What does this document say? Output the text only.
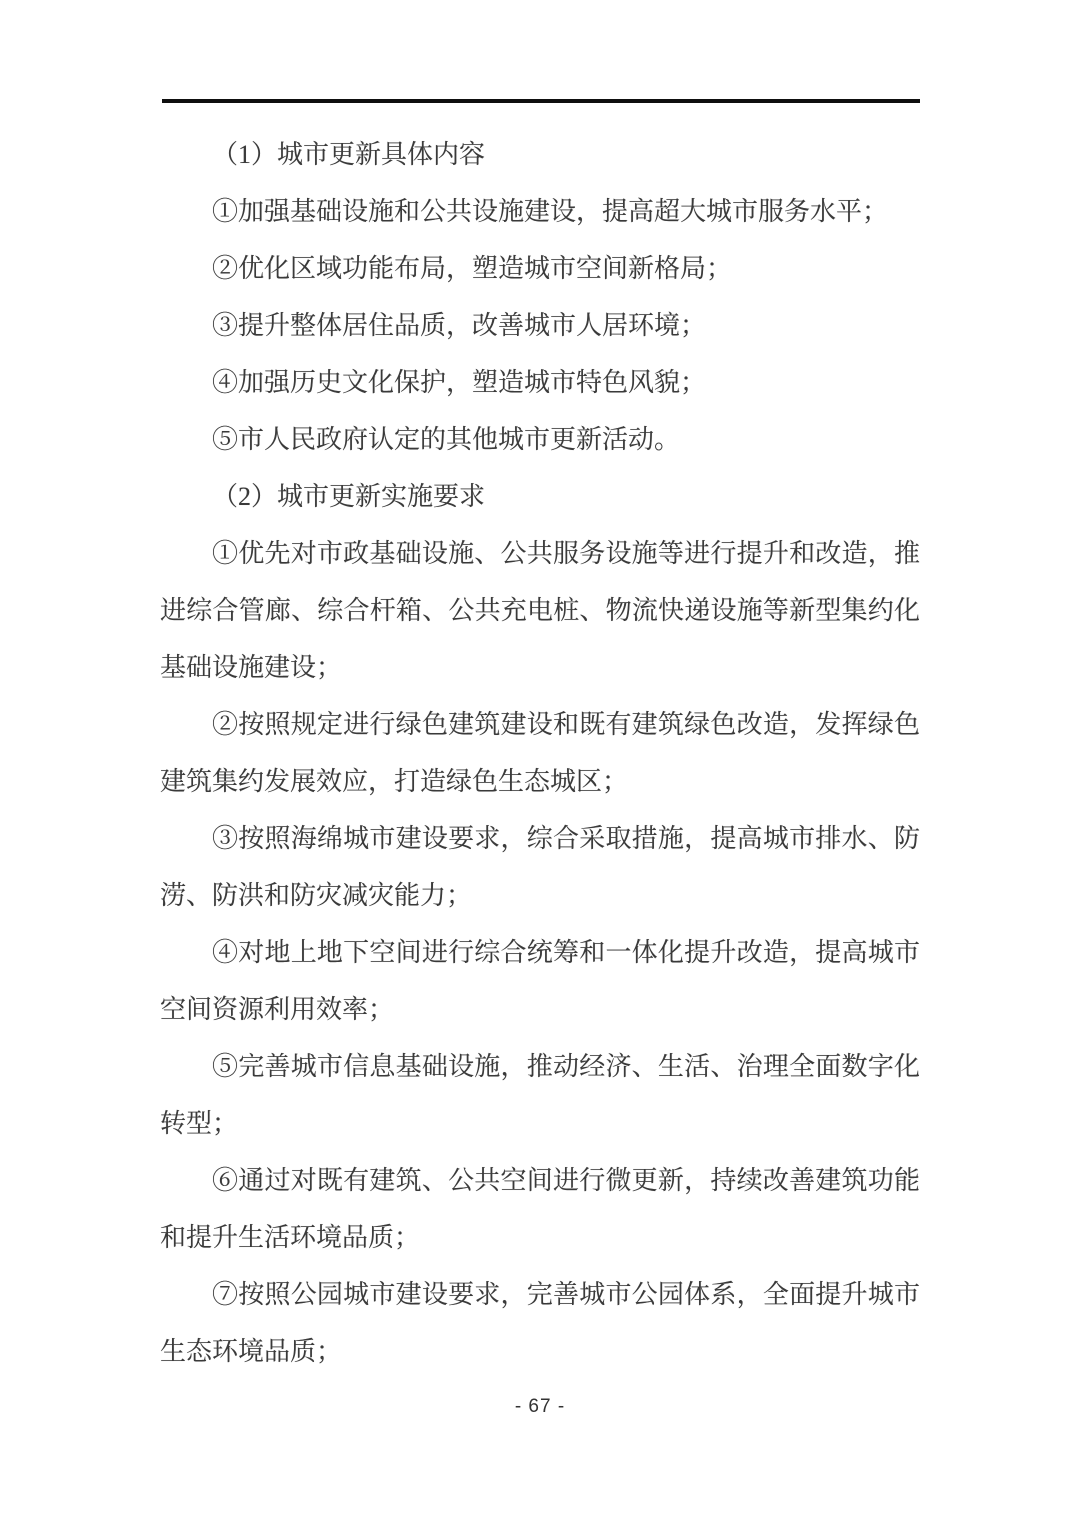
（1）城市更新具体内容
①加强基础设施和公共设施建设，提高超大城市服务水平；
②优化区域功能布局，塑造城市空间新格局；
③提升整体居住品质，改善城市人居环境；
④加强历史文化保护，塑造城市特色风貌；
⑤市人民政府认定的其他城市更新活动。
（2）城市更新实施要求
①优先对市政基础设施、公共服务设施等进行提升和改造，推
进综合管廊、综合杆箱、公共充电桩、物流快递设施等新型集约化
基础设施建设；
②按照规定进行绿色建筑建设和既有建筑绿色改造，发挥绿色
建筑集约发展效应，打造绿色生态城区；
③按照海绵城市建设要求，综合采取措施，提高城市排水、防
涝、防洪和防灾减灾能力；
④对地上地下空间进行综合统筹和一体化提升改造，提高城市
空间资源利用效率；
⑤完善城市信息基础设施，推动经济、生活、治理全面数字化
转型；
⑥通过对既有建筑、公共空间进行微更新，持续改善建筑功能
和提升生活环境品质；
⑦按照公园城市建设要求，完善城市公园体系，全面提升城市
生态环境品质；
- 67 -
